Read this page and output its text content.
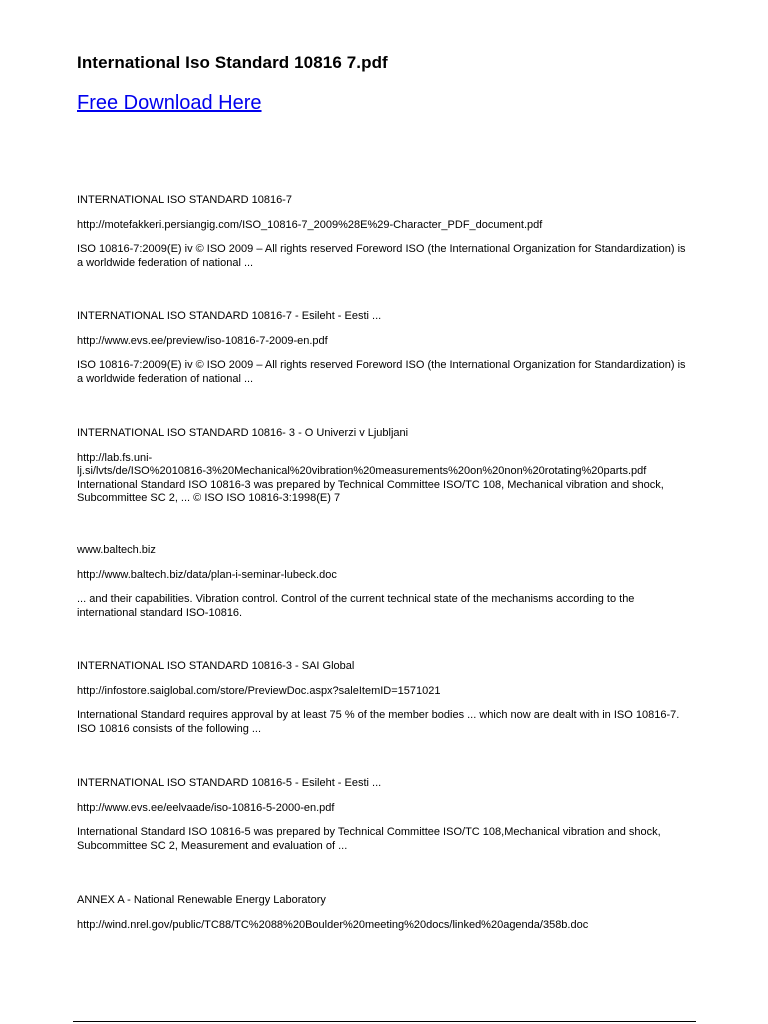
International Iso Standard 10816 7.pdf
Free Download Here
INTERNATIONAL ISO STANDARD 10816-7
http://motefakkeri.persiangig.com/ISO_10816-7_2009%28E%29-Character_PDF_document.pdf
ISO 10816-7:2009(E) iv © ISO 2009 – All rights reserved Foreword ISO (the International Organization for Standardization) is
a worldwide federation of national ...
INTERNATIONAL ISO STANDARD 10816-7 - Esileht - Eesti ...
http://www.evs.ee/preview/iso-10816-7-2009-en.pdf
ISO 10816-7:2009(E) iv © ISO 2009 – All rights reserved Foreword ISO (the International Organization for Standardization) is
a worldwide federation of national ...
INTERNATIONAL ISO STANDARD 10816- 3 - O Univerzi v Ljubljani
http://lab.fs.uni-
lj.si/lvts/de/ISO%2010816-3%20Mechanical%20vibration%20measurements%20on%20non%20rotating%20parts.pdf
International Standard ISO 10816-3 was prepared by Technical Committee ISO/TC 108, Mechanical vibration and shock,
Subcommittee SC 2, ... © ISO ISO 10816-3:1998(E) 7
www.baltech.biz
http://www.baltech.biz/data/plan-i-seminar-lubeck.doc
... and their capabilities. Vibration control. Control of the current technical state of the mechanisms according to the
international standard ISO-10816.
INTERNATIONAL ISO STANDARD 10816-3 - SAI Global
http://infostore.saiglobal.com/store/PreviewDoc.aspx?saleItemID=1571021
International Standard requires approval by at least 75 % of the member bodies ... which now are dealt with in ISO 10816-7.
ISO 10816 consists of the following ...
INTERNATIONAL ISO STANDARD 10816-5 - Esileht - Eesti ...
http://www.evs.ee/eelvaade/iso-10816-5-2000-en.pdf
International Standard ISO 10816-5 was prepared by Technical Committee ISO/TC 108,Mechanical vibration and shock,
Subcommittee SC 2, Measurement and evaluation of ...
ANNEX A - National Renewable Energy Laboratory
http://wind.nrel.gov/public/TC88/TC%2088%20Boulder%20meeting%20docs/linked%20agenda/358b.doc
